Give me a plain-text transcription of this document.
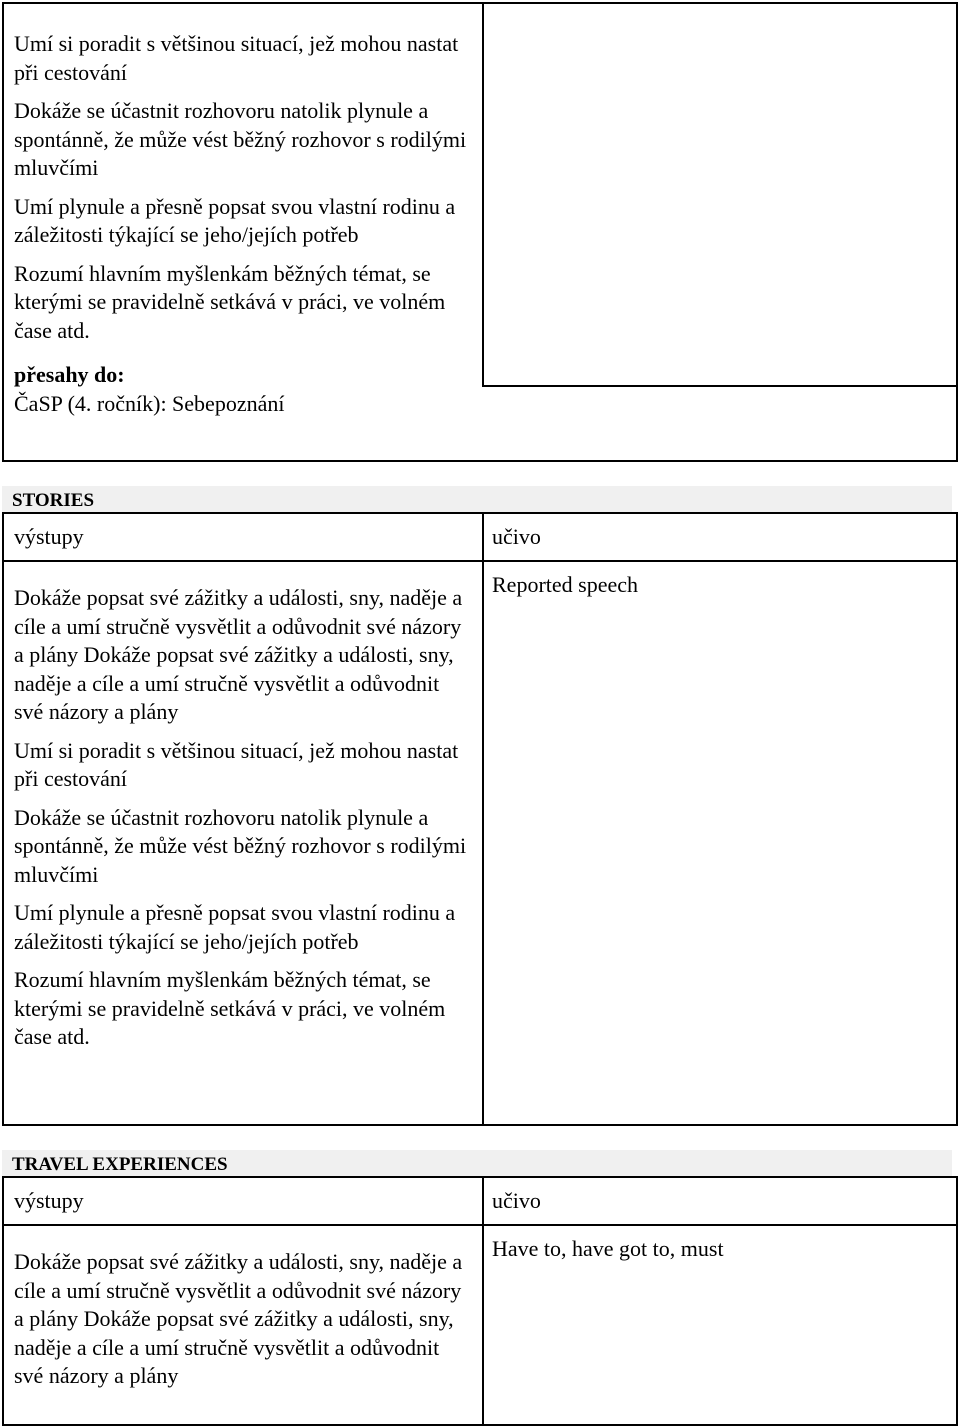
Umí si poradit s většinou situací, jež mohou nastat při cestování

Dokáže se účastnit rozhovoru natolik plynule a spontánně, že může vést běžný rozhovor s rodilými mluvčími

Umí plynule a přesně popsat svou vlastní rodinu a záležitosti týkající se jeho/jejích potřeb

Rozumí hlavním myšlenkám běžných témat, se kterými se pravidelně setkává v práci, ve volném čase atd.

přesahy do:
ČaSP (4. ročník): Sebepoznání
STORIES
výstupy	učivo

Dokáže popsat své zážitky a události, sny, naděje a cíle a umí stručně vysvětlit a odůvodnit své názory a plány Dokáže popsat své zážitky a události, sny, naděje a cíle a umí stručně vysvětlit a odůvodnit své názory a plány

Umí si poradit s většinou situací, jež mohou nastat při cestování

Dokáže se účastnit rozhovoru natolik plynule a spontánně, že může vést běžný rozhovor s rodilými mluvčími

Umí plynule a přesně popsat svou vlastní rodinu a záležitosti týkající se jeho/jejích potřeb

Rozumí hlavním myšlenkám běžných témat, se kterými se pravidelně setkává v práci, ve volném čase atd.

Reported speech
TRAVEL EXPERIENCES
výstupy	učivo

Dokáže popsat své zážitky a události, sny, naděje a cíle a umí stručně vysvětlit a odůvodnit své názory a plány Dokáže popsat své zážitky a události, sny, naděje a cíle a umí stručně vysvětlit a odůvodnit své názory a plány

Have to, have got to, must
